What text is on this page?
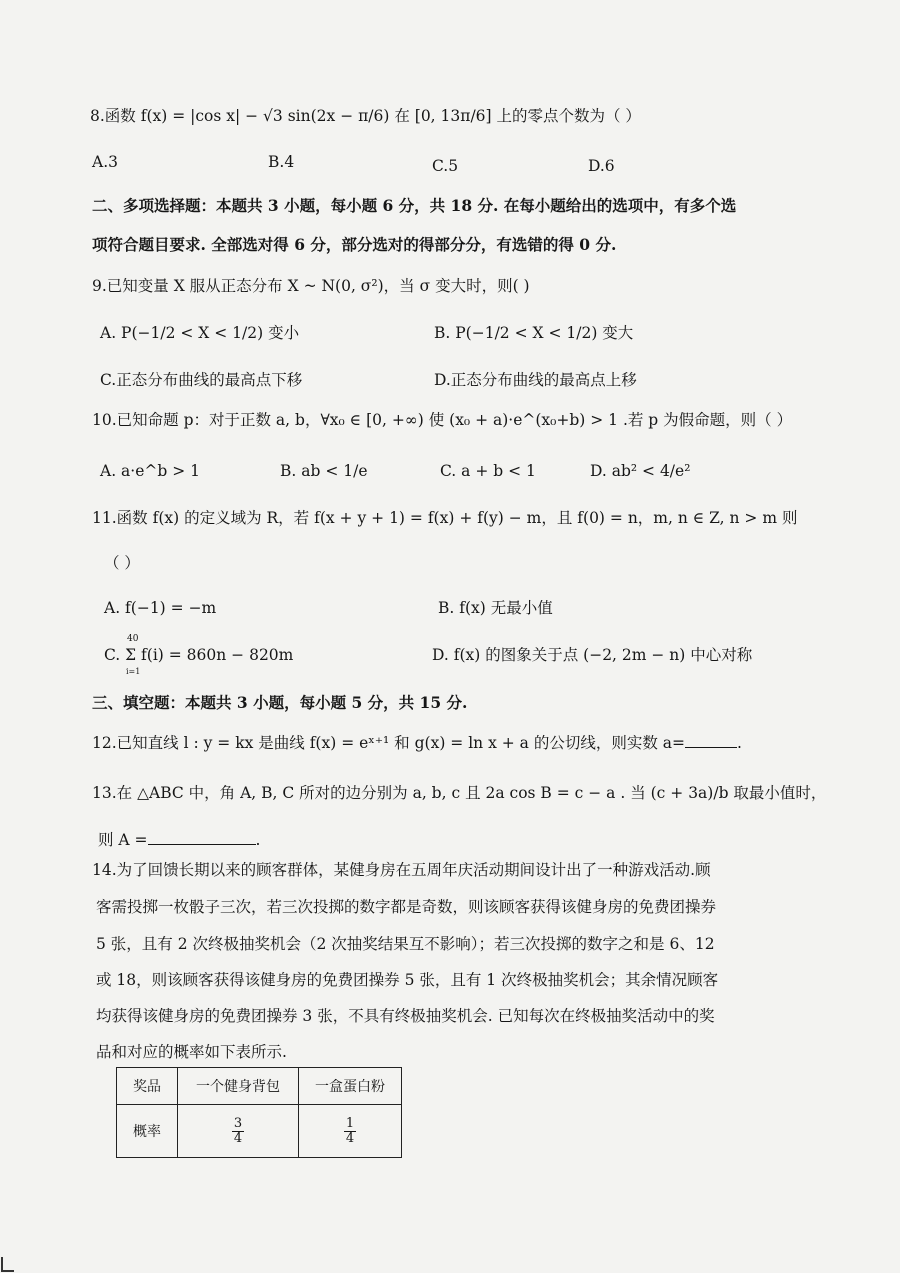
8.函数 f(x) = |cos x| − √3 sin(2x − π/6) 在 [0, 13π/6] 上的零点个数为（ ）
A.3	B.4	C.5	D.6
二、多项选择题：本题共 3 小题，每小题 6 分，共 18 分. 在每小题给出的选项中，有多个选
项符合题目要求. 全部选对得 6 分，部分选对的得部分分，有选错的得 0 分.
9.已知变量 X 服从正态分布 X ~ N(0, σ²)，当 σ 变大时，则( )
A. P(−1/2 < X < 1/2) 变小	B. P(−1/2 < X < 1/2) 变大
C.正态分布曲线的最高点下移	D.正态分布曲线的最高点上移
10.已知命题 p：对于正数 a, b，∀x₀ ∈ [0, +∞) 使 (x₀ + a)·e^(x₀+b) > 1 .若 p 为假命题，则（ ）
A. a·e^b > 1	B. ab < 1/e	C. a + b < 1	D. ab² < 4/e²
11.函数 f(x) 的定义域为 R，若 f(x + y + 1) = f(x) + f(y) − m，且 f(0) = n，m, n ∈ Z, n > m 则
（ ）
A. f(−1) = −m	B. f(x) 无最小值
C. Σ f(i) = 860n − 820m
40
i=1
D. f(x) 的图象关于点 (−2, 2m − n) 中心对称
三、填空题：本题共 3 小题，每小题 5 分，共 15 分.
12.已知直线 l : y = kx 是曲线 f(x) = eˣ⁺¹ 和 g(x) = ln x + a 的公切线，则实数 a=	.
13.在 △ABC 中，角 A, B, C 所对的边分别为 a, b, c 且 2a cos B = c − a . 当 (c + 3a)/b 取最小值时，
则 A =	.
14.为了回馈长期以来的顾客群体，某健身房在五周年庆活动期间设计出了一种游戏活动.顾
客需投掷一枚骰子三次，若三次投掷的数字都是奇数，则该顾客获得该健身房的免费团操券
5 张，且有 2 次终极抽奖机会（2 次抽奖结果互不影响）；若三次投掷的数字之和是 6、12
或 18，则该顾客获得该健身房的免费团操券 5 张，且有 1 次终极抽奖机会；其余情况顾客
均获得该健身房的免费团操券 3 张，不具有终极抽奖机会. 已知每次在终极抽奖活动中的奖
品和对应的概率如下表所示.
奖品	一个健身背包	一盒蛋白粉
概率	$\frac{3}{4}$	$\frac{1}{4}$
